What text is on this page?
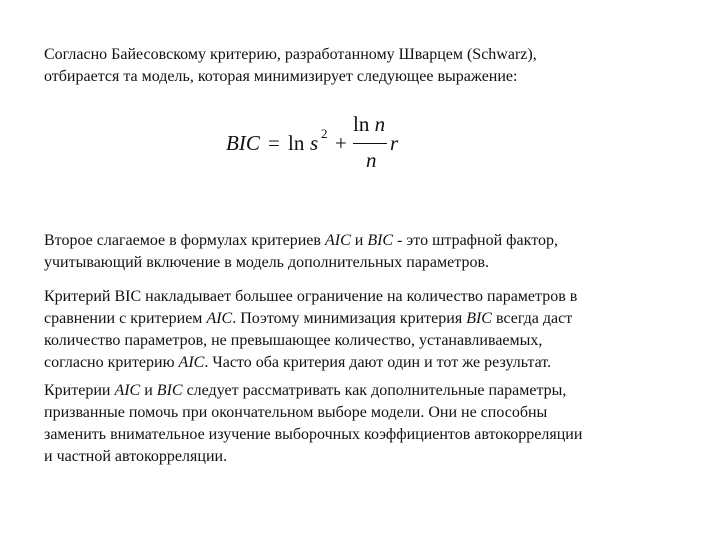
Согласно Байесовскому критерию, разработанному Шварцем (Schwarz),
отбирается та модель, которая минимизирует следующее выражение:

BIC = ln s 2 +
ln n
n
r

Второе слагаемое в формулах критериев AIC и BIC - это штрафной фактор,
учитывающий включение в модель дополнительных параметров.

Критерий BIC накладывает большее ограничение на количество параметров в
сравнении с критерием AIC. Поэтому минимизация критерия BIC всегда даст
количество параметров, не превышающее количество, устанавливаемых,
согласно критерию AIC. Часто оба критерия дают один и тот же результат.

Критерии AIC и BIC следует рассматривать как дополнительные параметры,
призванные помочь при окончательном выборе модели. Они не способны
заменить внимательное изучение выборочных коэффициентов автокорреляции
и частной автокорреляции.
